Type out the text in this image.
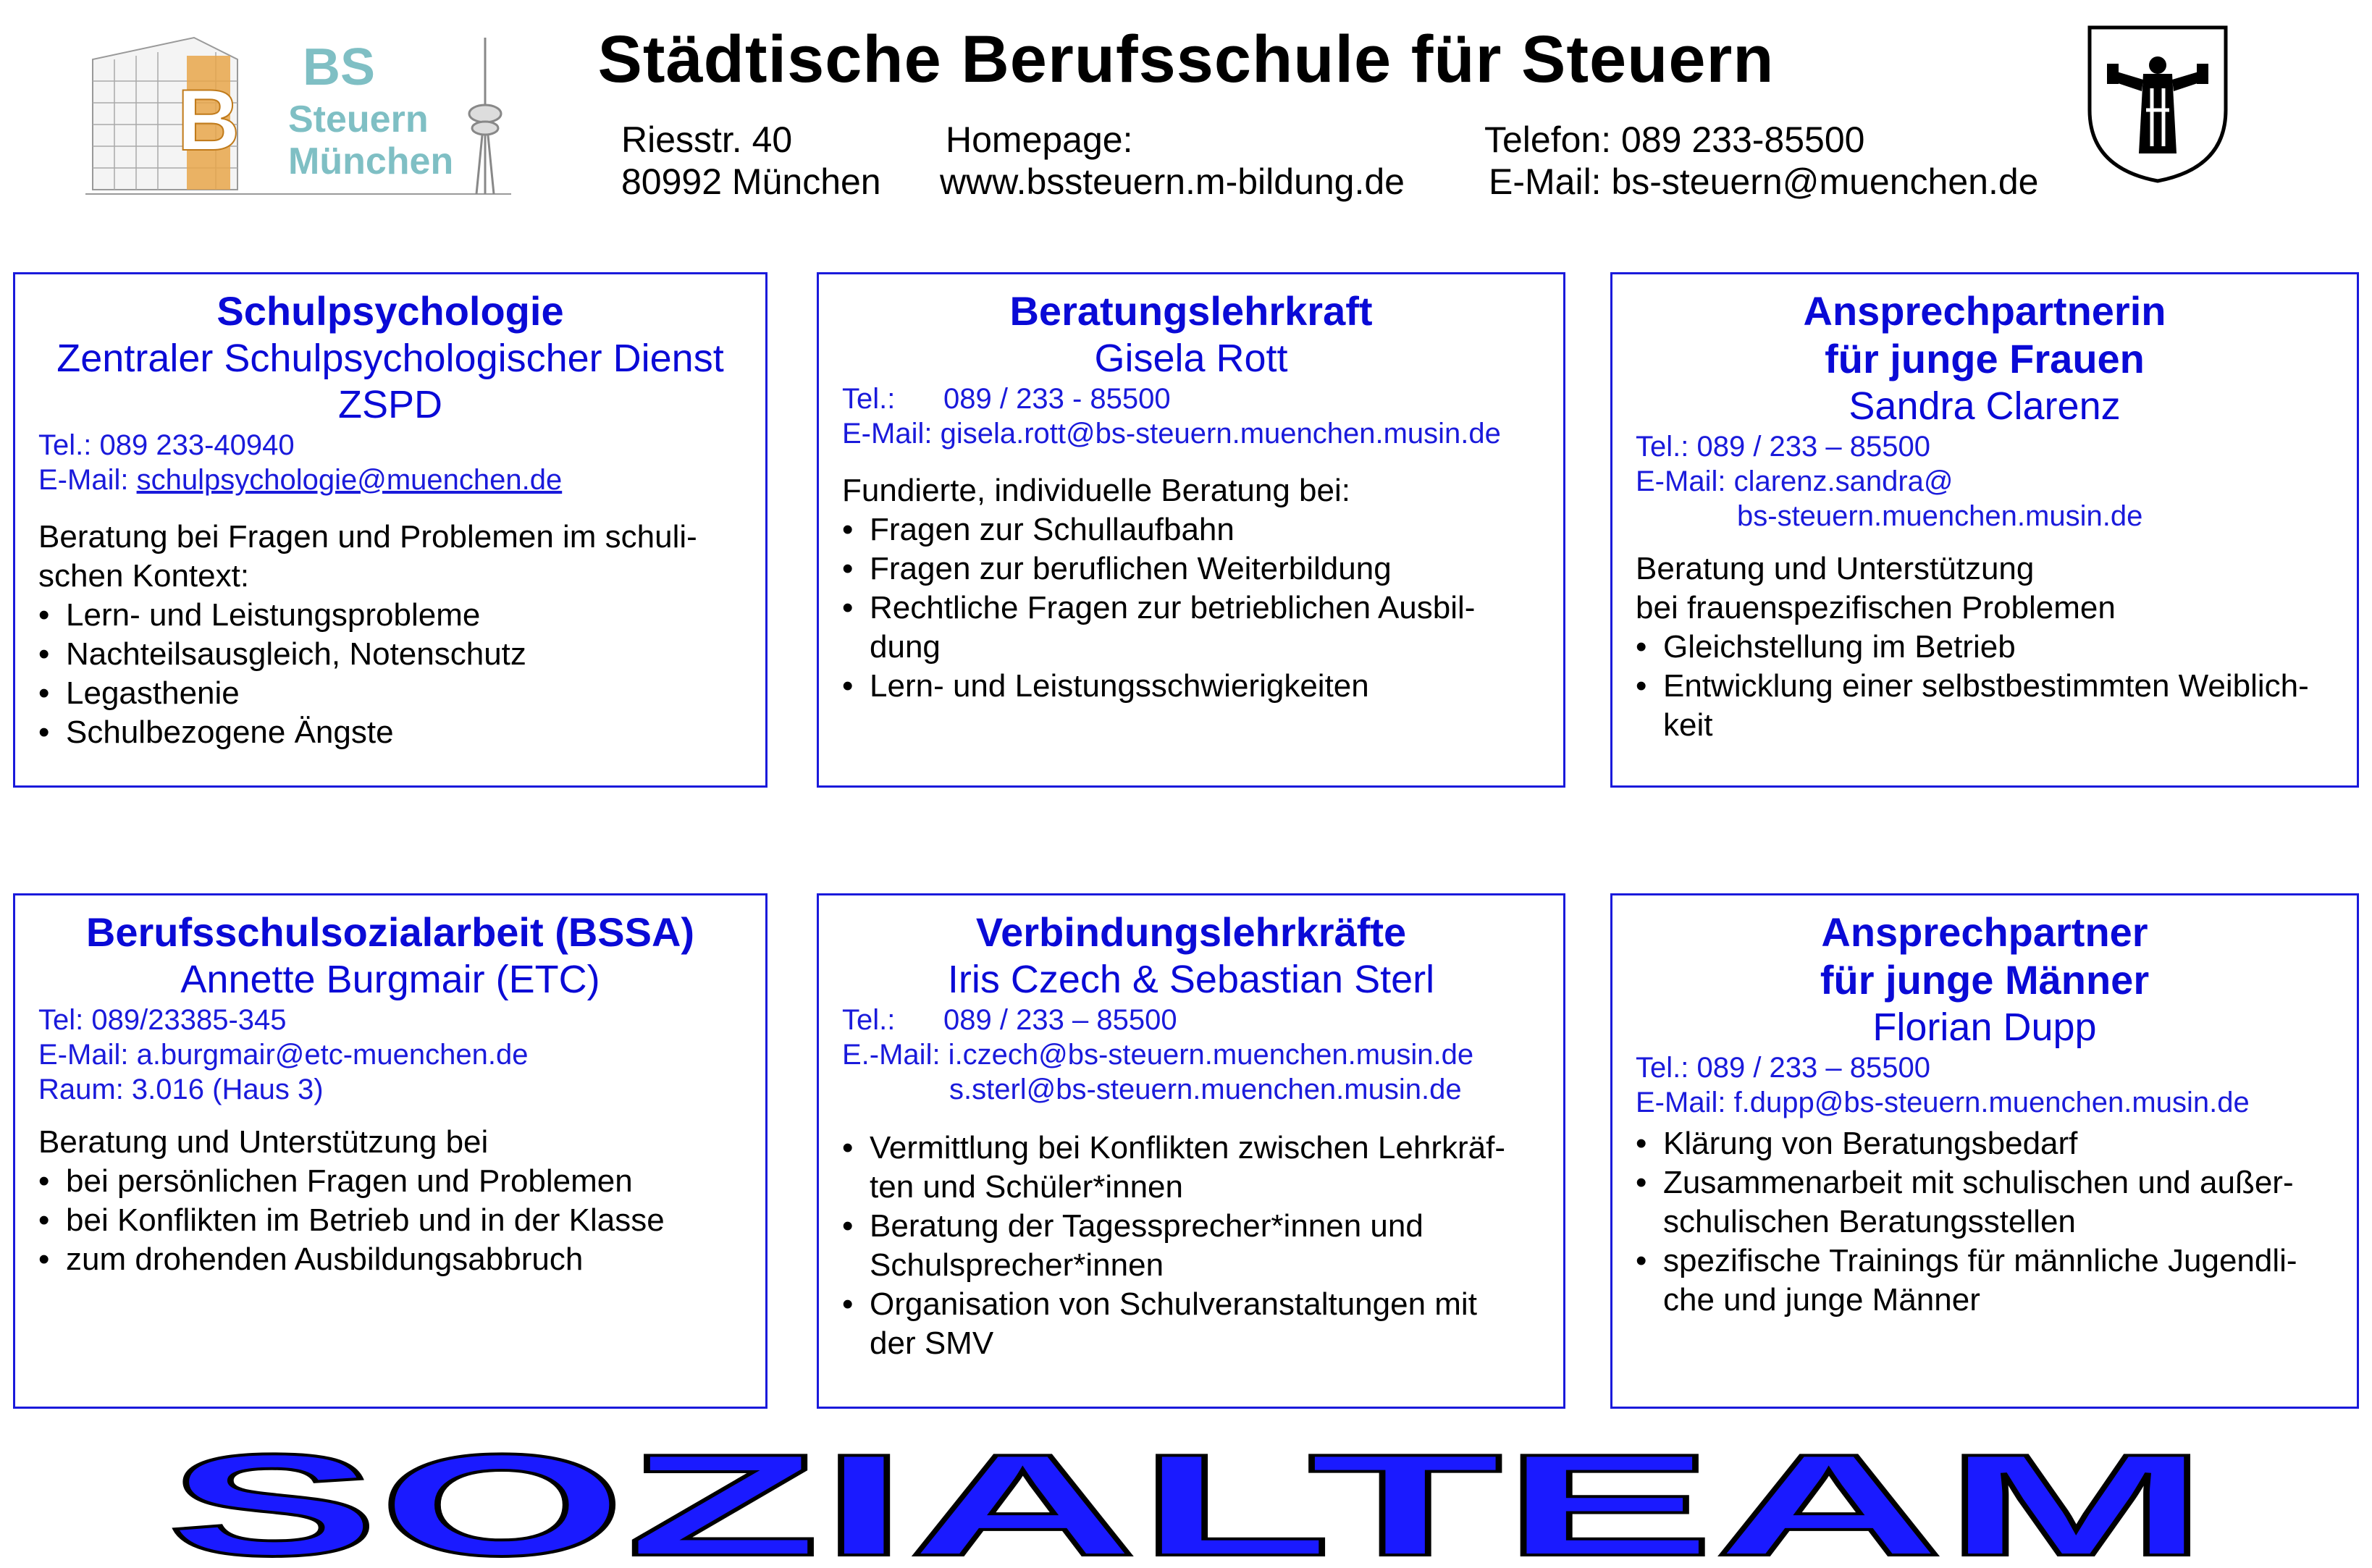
B
BS
Steuern
München
Städtische Berufsschule für Steuern
Riesstr. 40
80992 München
Homepage:
www.bssteuern.m-bildung.de
Telefon: 089 233-85500
E-Mail: bs-steuern@muenchen.de
Schulpsychologie
Zentraler Schulpsychologischer Dienst
ZSPD
Tel.: 089 233-40940
E-Mail: schulpsychologie@muenchen.de
Beratung bei Fragen und Problemen im schuli-
schen Kontext:
• Lern- und Leistungsprobleme
• Nachteilsausgleich, Notenschutz
• Legasthenie
• Schulbezogene Ängste
Beratungslehrkraft
Gisela Rott
Tel.:      089 / 233 - 85500
E-Mail: gisela.rott@bs-steuern.muenchen.musin.de
Fundierte, individuelle Beratung bei:
• Fragen zur Schullaufbahn
• Fragen zur beruflichen Weiterbildung
• Rechtliche Fragen zur betrieblichen Ausbil-
dung
• Lern- und Leistungsschwierigkeiten
Ansprechpartnerin
für junge Frauen
Sandra Clarenz
Tel.: 089 / 233 – 85500
E-Mail: clarenz.sandra@
bs-steuern.muenchen.musin.de
Beratung und Unterstützung
bei frauenspezifischen Problemen
• Gleichstellung im Betrieb
• Entwicklung einer selbstbestimmten Weiblich-
keit
Berufsschulsozialarbeit (BSSA)
Annette Burgmair (ETC)
Tel: 089/23385-345
E-Mail: a.burgmair@etc-muenchen.de
Raum: 3.016 (Haus 3)
Beratung und Unterstützung bei
• bei persönlichen Fragen und Problemen
• bei Konflikten im Betrieb und in der Klasse
• zum drohenden Ausbildungsabbruch
Verbindungslehrkräfte
Iris Czech & Sebastian Sterl
Tel.:      089 / 233 – 85500
E.-Mail: i.czech@bs-steuern.muenchen.musin.de
s.sterl@bs-steuern.muenchen.musin.de
• Vermittlung bei Konflikten zwischen Lehrkräf-
ten und Schüler*innen
• Beratung der Tagessprecher*innen und
Schulsprecher*innen
• Organisation von Schulveranstaltungen mit
der SMV
Ansprechpartner
für junge Männer
Florian Dupp
Tel.: 089 / 233 – 85500
E-Mail: f.dupp@bs-steuern.muenchen.musin.de
• Klärung von Beratungsbedarf
• Zusammenarbeit mit schulischen und außer-
schulischen Beratungsstellen
• spezifische Trainings für männliche Jugendli-
che und junge Männer
SOZIALTEAM
